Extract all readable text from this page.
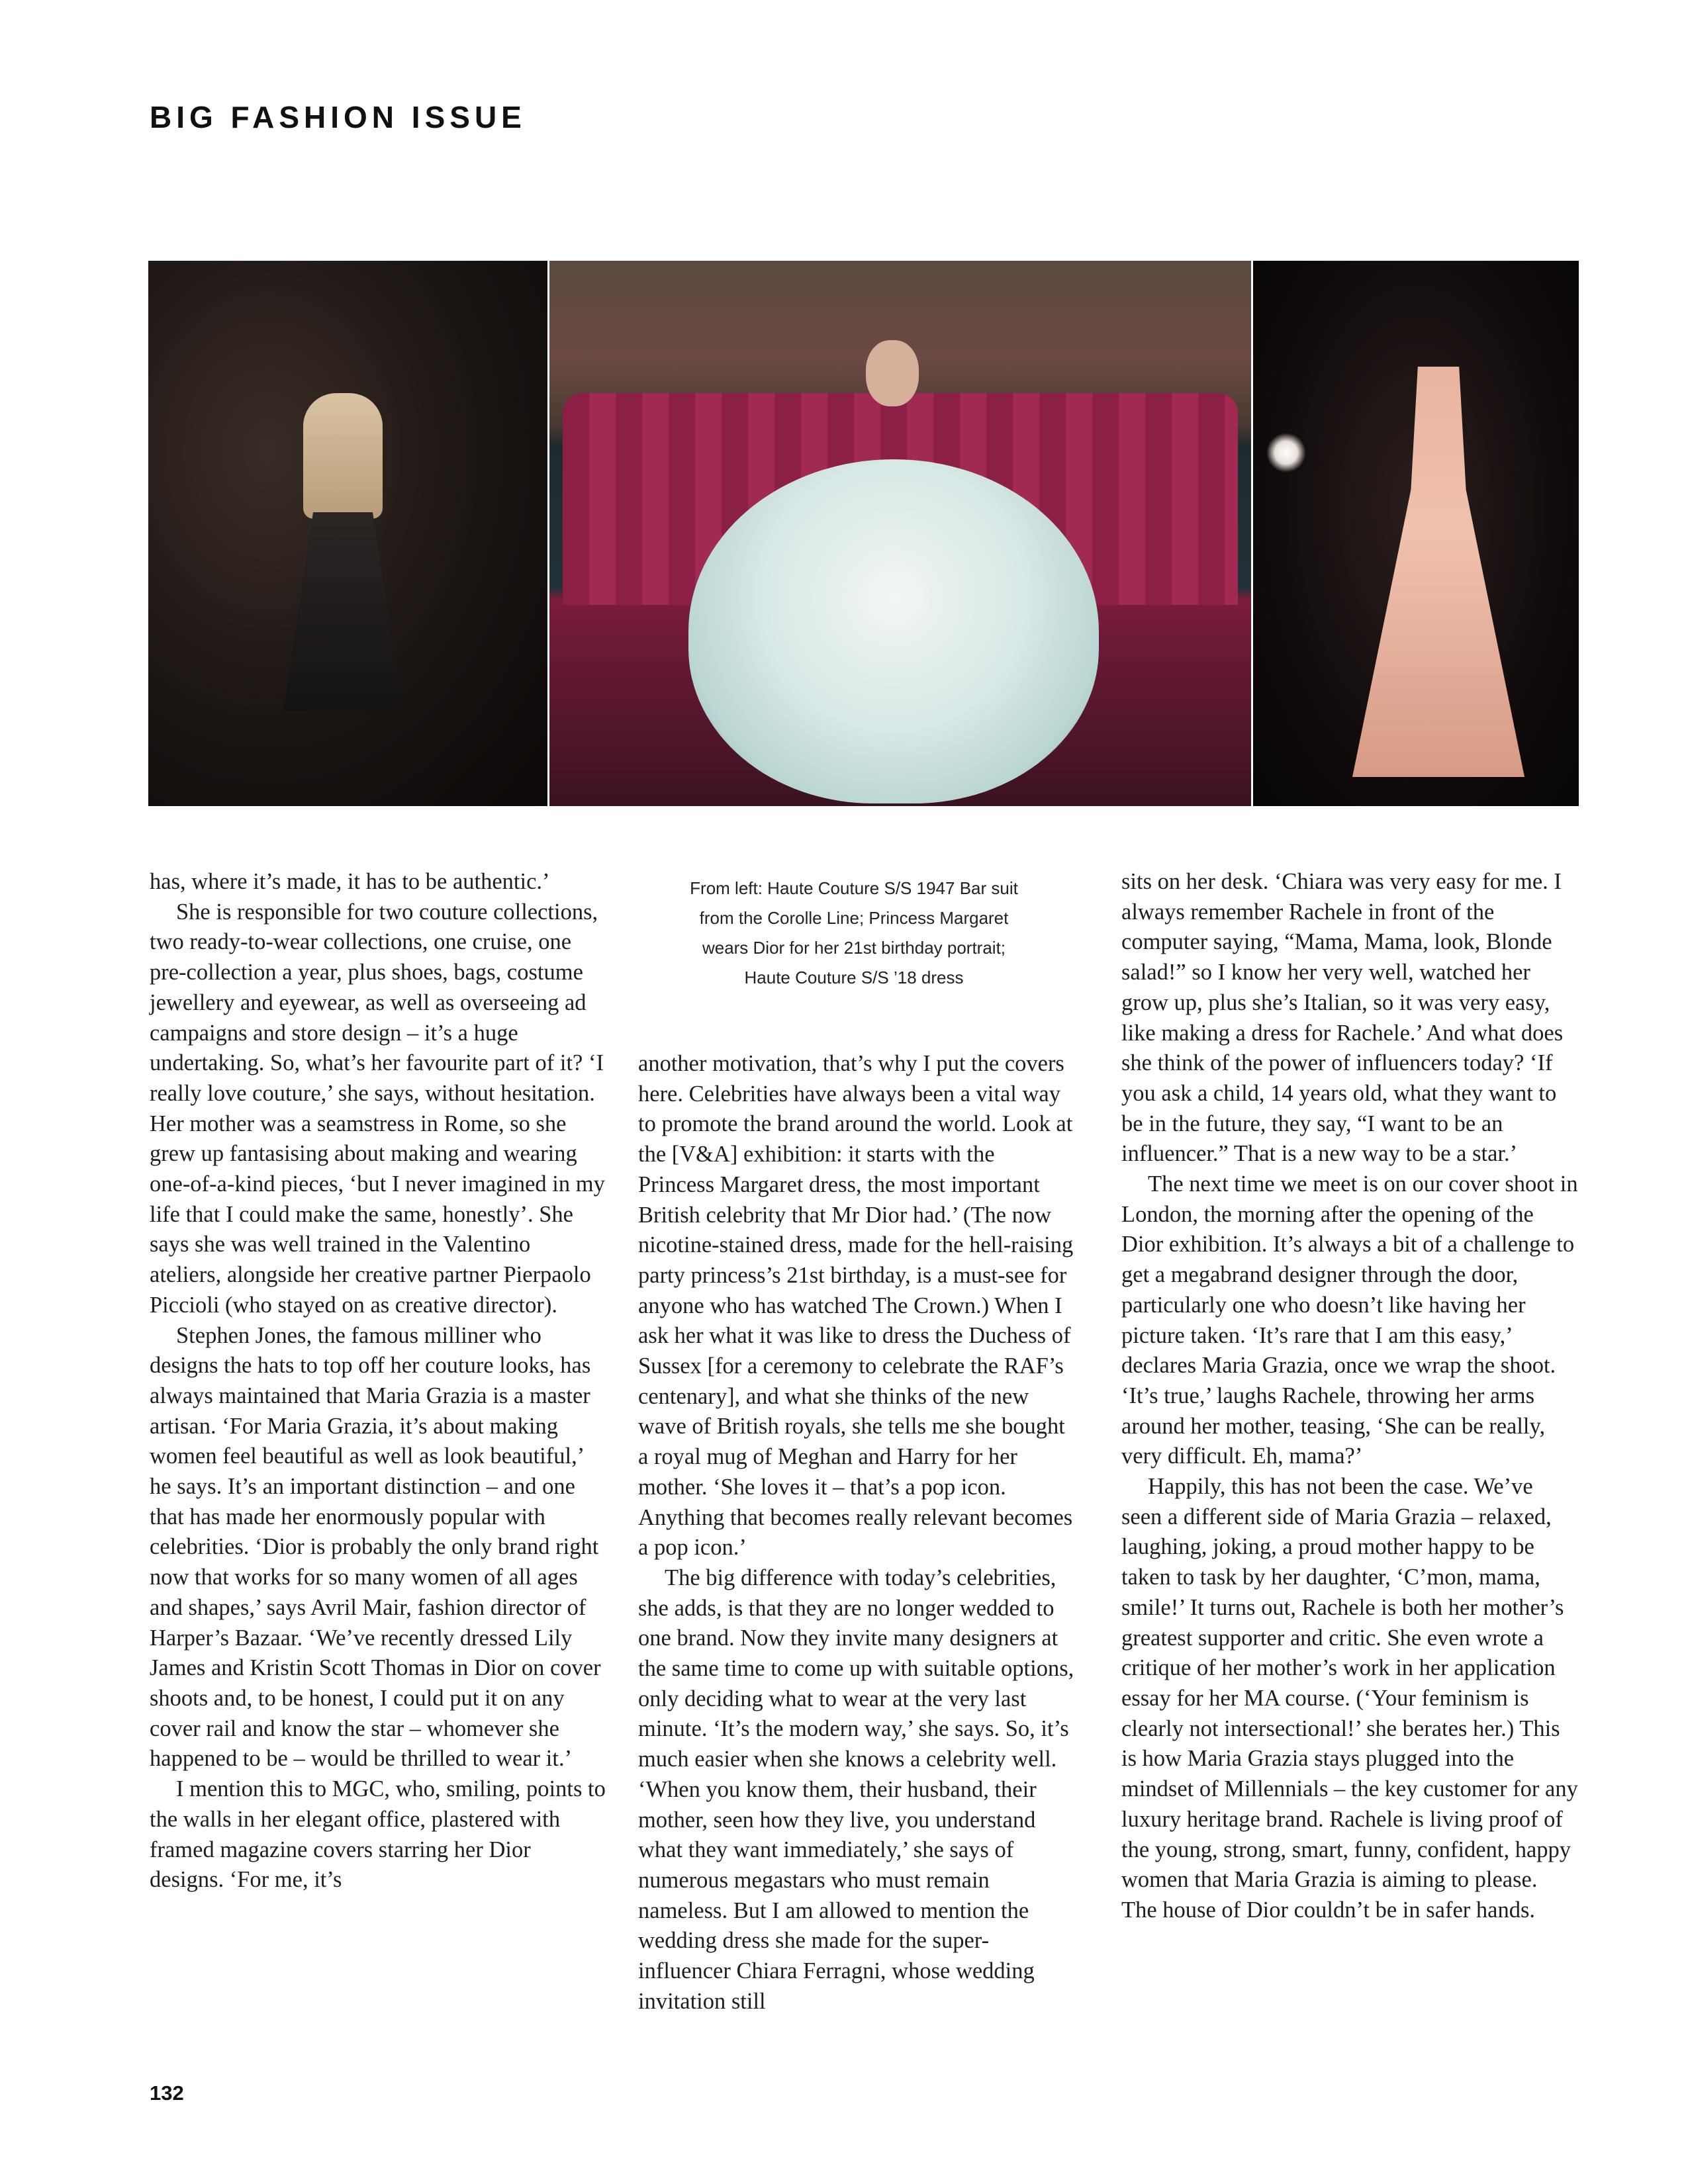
BIG FASHION ISSUE

has, where it’s made, it has to be authentic.’

She is responsible for two couture collections, two ready-to-wear collections, one cruise, one pre-collection a year, plus shoes, bags, costume jewellery and eyewear, as well as overseeing ad campaigns and store design – it’s a huge undertaking. So, what’s her favourite part of it? ‘I really love couture,’ she says, without hesitation. Her mother was a seamstress in Rome, so she grew up fantasising about making and wearing one-of-a-kind pieces, ‘but I never imagined in my life that I could make the same, honestly’. She says she was well trained in the Valentino ateliers, alongside her creative partner Pierpaolo Piccioli (who stayed on as creative director).

Stephen Jones, the famous milliner who designs the hats to top off her couture looks, has always maintained that Maria Grazia is a master artisan. ‘For Maria Grazia, it’s about making women feel beautiful as well as look beautiful,’ he says. It’s an important distinction – and one that has made her enormously popular with celebrities. ‘Dior is probably the only brand right now that works for so many women of all ages and shapes,’ says Avril Mair, fashion director of Harper’s Bazaar. ‘We’ve recently dressed Lily James and Kristin Scott Thomas in Dior on cover shoots and, to be honest, I could put it on any cover rail and know the star – whomever she happened to be – would be thrilled to wear it.’

I mention this to MGC, who, smiling, points to the walls in her elegant office, plastered with framed magazine covers starring her Dior designs. ‘For me, it’s

From left: Haute Couture S/S 1947 Bar suit
from the Corolle Line; Princess Margaret
wears Dior for her 21st birthday portrait;
Haute Couture S/S ’18 dress

another motivation, that’s why I put the covers here. Celebrities have always been a vital way to promote the brand around the world. Look at the [V&A] exhibition: it starts with the Princess Margaret dress, the most important British celebrity that Mr Dior had.’ (The now nicotine-stained dress, made for the hell-raising party princess’s 21st birthday, is a must-see for anyone who has watched The Crown.) When I ask her what it was like to dress the Duchess of Sussex [for a ceremony to celebrate the RAF’s centenary], and what she thinks of the new wave of British royals, she tells me she bought a royal mug of Meghan and Harry for her mother. ‘She loves it – that’s a pop icon. Anything that becomes really relevant becomes a pop icon.’

The big difference with today’s celebrities, she adds, is that they are no longer wedded to one brand. Now they invite many designers at the same time to come up with suitable options, only deciding what to wear at the very last minute. ‘It’s the modern way,’ she says. So, it’s much easier when she knows a celebrity well. ‘When you know them, their husband, their mother, seen how they live, you understand what they want immediately,’ she says of numerous megastars who must remain nameless. But I am allowed to mention the wedding dress she made for the super-influencer Chiara Ferragni, whose wedding invitation still

sits on her desk. ‘Chiara was very easy for me. I always remember Rachele in front of the computer saying, “Mama, Mama, look, Blonde salad!” so I know her very well, watched her grow up, plus she’s Italian, so it was very easy, like making a dress for Rachele.’ And what does she think of the power of influencers today? ‘If you ask a child, 14 years old, what they want to be in the future, they say, “I want to be an influencer.” That is a new way to be a star.’

The next time we meet is on our cover shoot in London, the morning after the opening of the Dior exhibition. It’s always a bit of a challenge to get a megabrand designer through the door, particularly one who doesn’t like having her picture taken. ‘It’s rare that I am this easy,’ declares Maria Grazia, once we wrap the shoot. ‘It’s true,’ laughs Rachele, throwing her arms around her mother, teasing, ‘She can be really, very difficult. Eh, mama?’

Happily, this has not been the case. We’ve seen a different side of Maria Grazia – relaxed, laughing, joking, a proud mother happy to be taken to task by her daughter, ‘C’mon, mama, smile!’ It turns out, Rachele is both her mother’s greatest supporter and critic. She even wrote a critique of her mother’s work in her application essay for her MA course. (‘Your feminism is clearly not intersectional!’ she berates her.) This is how Maria Grazia stays plugged into the mindset of Millennials – the key customer for any luxury heritage brand. Rachele is living proof of the young, strong, smart, funny, confident, happy women that Maria Grazia is aiming to please. The house of Dior couldn’t be in safer hands.

132
